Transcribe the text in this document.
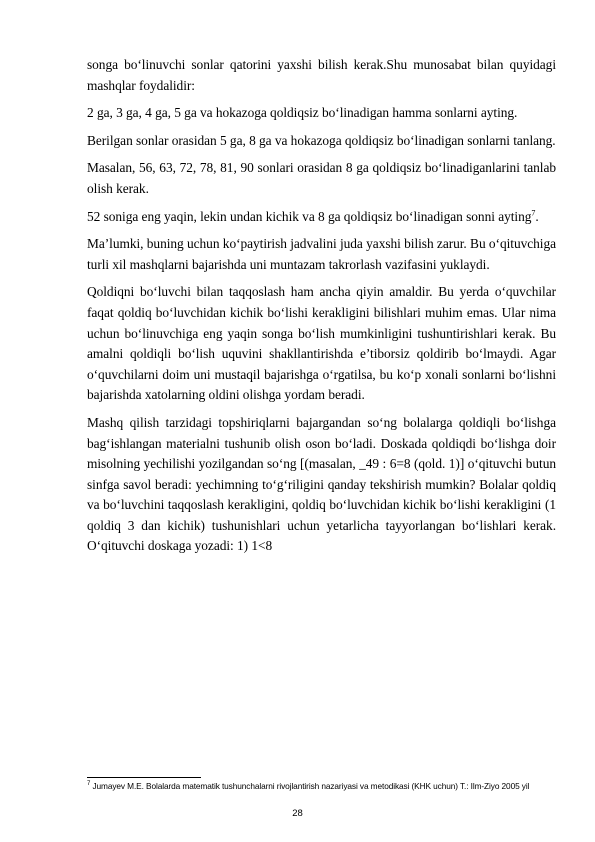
songa bo‘linuvchi sonlar qatorini yaxshi bilish kerak.Shu munosabat bilan quyidagi mashqlar foydalidir:

2 ga, 3 ga, 4 ga, 5 ga va hokazoga qoldiqsiz bo‘linadigan hamma sonlarni ayting.

Berilgan sonlar orasidan 5 ga, 8 ga va hokazoga qoldiqsiz bo‘linadigan sonlarni tanlang.

Masalan, 56, 63, 72, 78, 81, 90 sonlari orasidan 8 ga qoldiqsiz bo‘linadiganlarini tanlab olish kerak.

52 soniga eng yaqin, lekin undan kichik va 8 ga qoldiqsiz bo‘linadigan sonni ayting$^7$.

Ma’lumki, buning uchun ko‘paytirish jadvalini juda yaxshi bilish zarur. Bu o‘qituvchiga turli xil mashqlarni bajarishda uni muntazam takrorlash vazifasini yuklaydi.

Qoldiqni bo‘luvchi bilan taqqoslash ham ancha qiyin amaldir. Bu yerda o‘quvchilar faqat qoldiq bo‘luvchidan kichik bo‘lishi kerakligini bilishlari muhim emas. Ular nima uchun bo‘linuvchiga eng yaqin songa bo‘lish mumkinligini tushuntirishlari kerak. Bu amalni qoldiqli bo‘lish uquvini shakllantirishda e’tiborsiz qoldirib bo‘lmaydi. Agar o‘quvchilarni doim uni mustaqil bajarishga o‘rgatilsa, bu ko‘p xonali sonlarni bo‘lishni bajarishda xatolarning oldini olishga yordam beradi.

Mashq qilish tarzidagi topshiriqlarni bajargandan so‘ng bolalarga qoldiqli bo‘lishga bag‘ishlangan materialni tushunib olish oson bo‘ladi. Doskada qoldiqdi bo‘lishga doir misolning yechilishi yozilgandan so‘ng [(masalan, _49 : 6=8 (qold. 1)] o‘qituvchi butun sinfga savol beradi: yechimning to‘g‘riligini qanday tekshirish mumkin? Bolalar qoldiq va bo‘luvchini taqqoslash kerakligini, qoldiq bo‘luvchidan kichik bo‘lishi kerakligini (1 qoldiq 3 dan kichik) tushunishlari uchun yetarlicha tayyorlangan bo‘lishlari kerak. O‘qituvchi doskaga yozadi: 1) 1<8

$^7$ Jumayev M.E. Bolalarda matematik tushunchalarni rivojlantirish nazariyasi va metodikasi (KHK uchun) T.: Ilm-Ziyo 2005 yil
28
